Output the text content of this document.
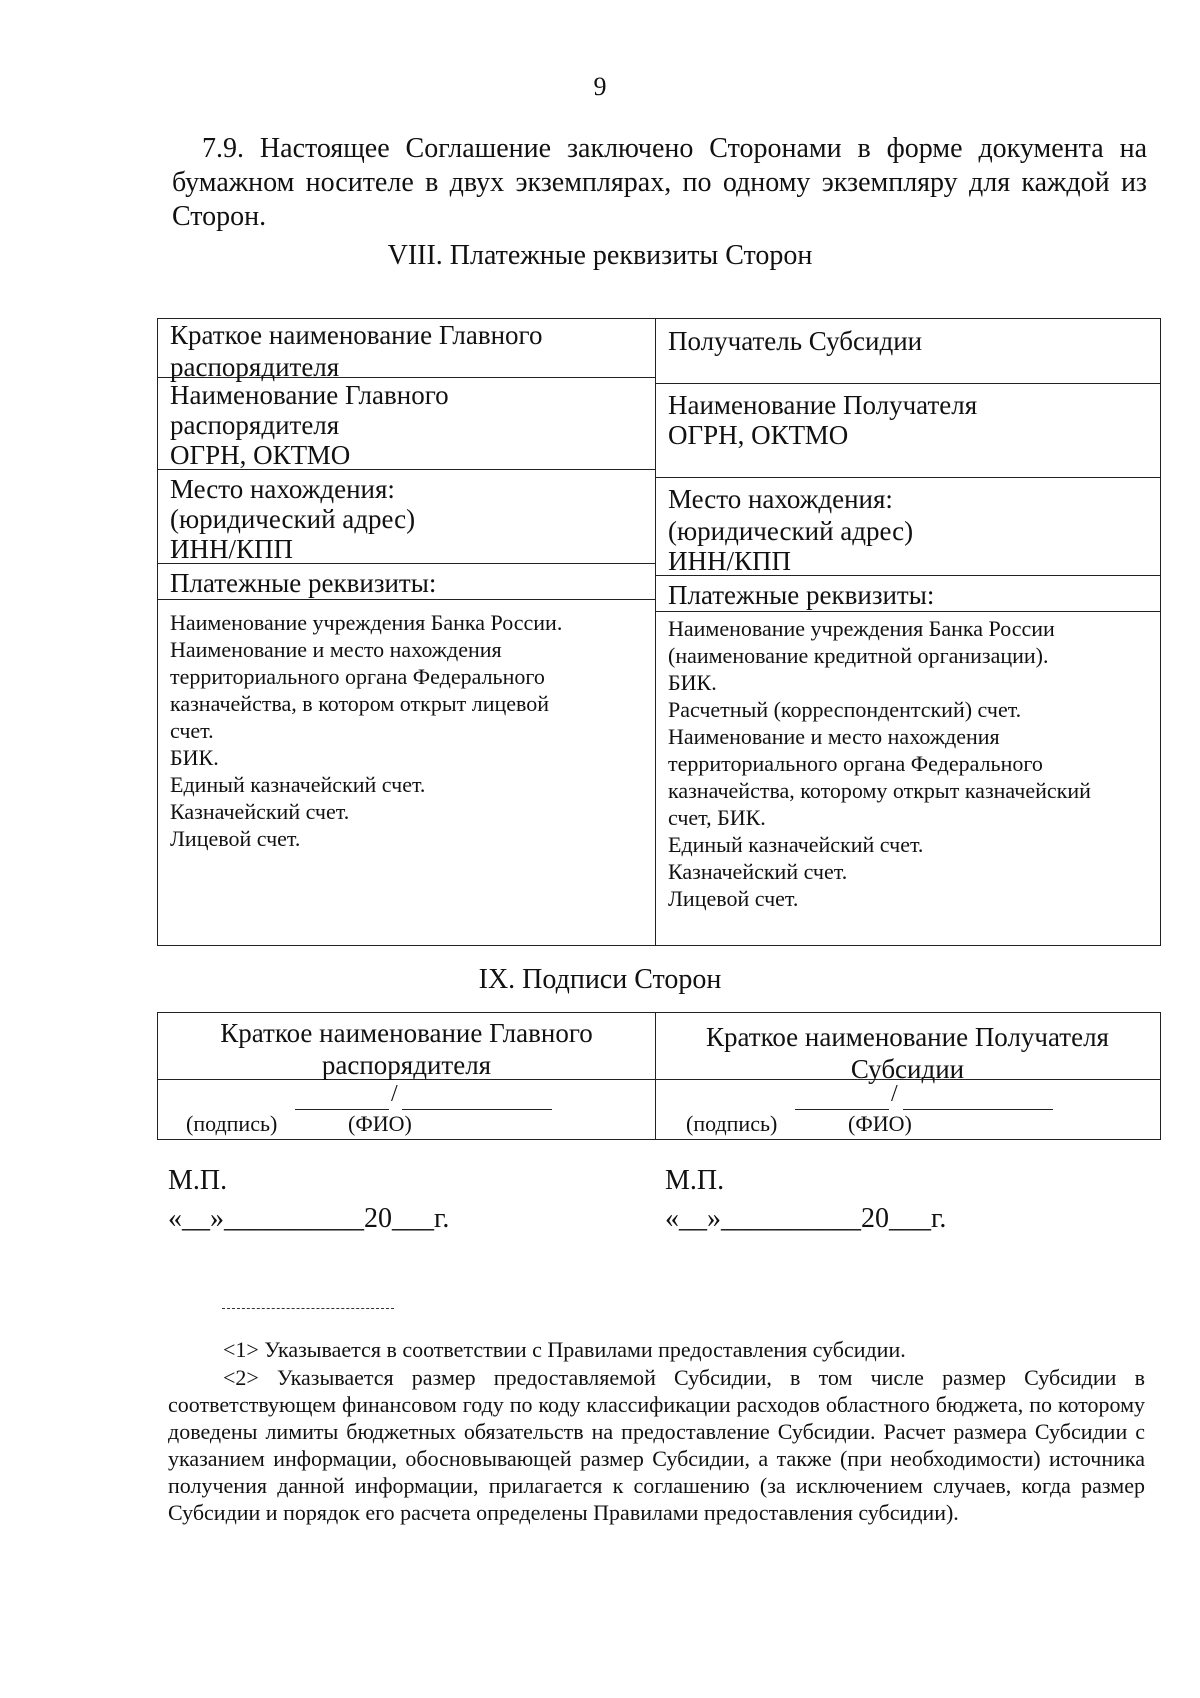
9
7.9. Настоящее Соглашение заключено Сторонами в форме документа на бумажном носителе в двух экземплярах, по одному экземпляру для каждой из Сторон.
VIII. Платежные реквизиты Сторон
Краткое наименование Главного распорядителя
Наименование Главного
распорядителя
ОГРН, ОКТМО
Место нахождения:
(юридический адрес)
ИНН/КПП
Платежные реквизиты:
Наименование учреждения Банка России.
Наименование и место нахождения
территориального органа Федерального
казначейства, в котором открыт лицевой
счет.
БИК.
Единый казначейский счет.
Казначейский счет.
Лицевой счет.
Получатель Субсидии
Наименование Получателя
ОГРН, ОКТМО
Место нахождения:
(юридический адрес)
ИНН/КПП
Платежные реквизиты:
Наименование учреждения Банка России
(наименование кредитной организации).
БИК.
Расчетный (корреспондентский) счет.
Наименование и место нахождения
территориального органа Федерального
казначейства, которому открыт казначейский
счет, БИК.
Единый казначейский счет.
Казначейский счет.
Лицевой счет.
IX. Подписи Сторон
Краткое наименование Главного
распорядителя
Краткое наименование Получателя
Субсидии
/
(подпись)	(ФИО)
/
(подпись)	(ФИО)
М.П.
«__»__________20___г.
М.П.
«__»__________20___г.
<1> Указывается в соответствии с Правилами предоставления субсидии.
<2> Указывается размер предоставляемой Субсидии, в том числе размер Субсидии в соответствующем финансовом году по коду классификации расходов областного бюджета, по которому доведены лимиты бюджетных обязательств на предоставление Субсидии. Расчет размера Субсидии с указанием информации, обосновывающей размер Субсидии, а также (при необходимости) источника получения данной информации, прилагается к соглашению (за исключением случаев, когда размер Субсидии и порядок его расчета определены Правилами предоставления субсидии).
